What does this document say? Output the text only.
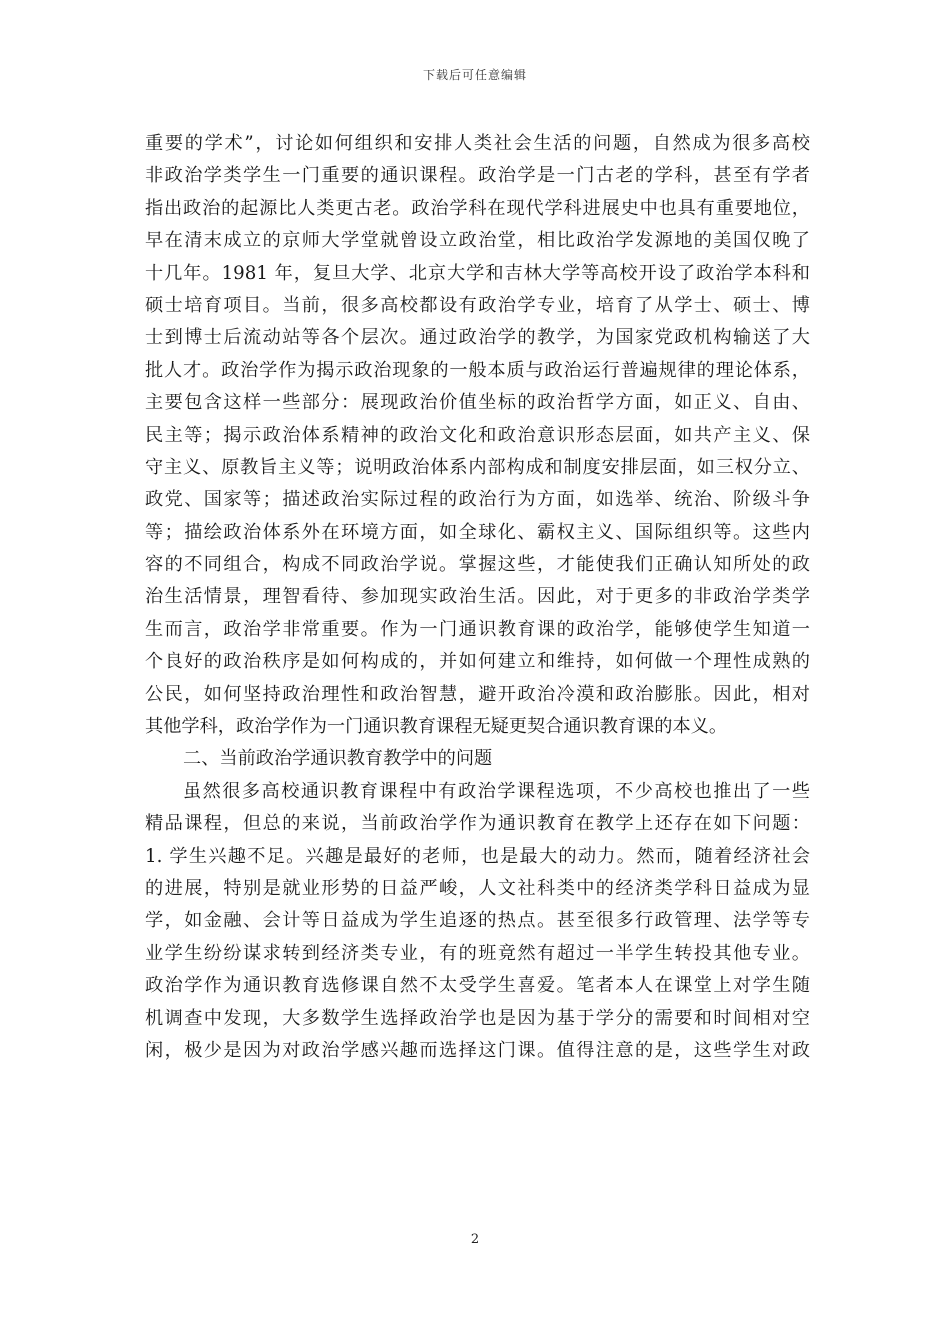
下载后可任意编辑
重要的学术”，讨论如何组织和安排人类社会生活的问题，自然成为很多高校
非政治学类学生一门重要的通识课程。政治学是一门古老的学科，甚至有学者
指出政治的起源比人类更古老。政治学科在现代学科进展史中也具有重要地位，
早在清末成立的京师大学堂就曾设立政治堂，相比政治学发源地的美国仅晚了
十几年。1981 年，复旦大学、北京大学和吉林大学等高校开设了政治学本科和
硕士培育项目。当前，很多高校都设有政治学专业，培育了从学士、硕士、博
士到博士后流动站等各个层次。通过政治学的教学，为国家党政机构输送了大
批人才。政治学作为揭示政治现象的一般本质与政治运行普遍规律的理论体系，
主要包含这样一些部分：展现政治价值坐标的政治哲学方面，如正义、自由、
民主等；揭示政治体系精神的政治文化和政治意识形态层面，如共产主义、保
守主义、原教旨主义等；说明政治体系内部构成和制度安排层面，如三权分立、
政党、国家等；描述政治实际过程的政治行为方面，如选举、统治、阶级斗争
等；描绘政治体系外在环境方面，如全球化、霸权主义、国际组织等。这些内
容的不同组合，构成不同政治学说。掌握这些，才能使我们正确认知所处的政
治生活情景，理智看待、参加现实政治生活。因此，对于更多的非政治学类学
生而言，政治学非常重要。作为一门通识教育课的政治学，能够使学生知道一
个良好的政治秩序是如何构成的，并如何建立和维持，如何做一个理性成熟的
公民，如何坚持政治理性和政治智慧，避开政治冷漠和政治膨胀。因此，相对
其他学科，政治学作为一门通识教育课程无疑更契合通识教育课的本义。
二、当前政治学通识教育教学中的问题
虽然很多高校通识教育课程中有政治学课程选项，不少高校也推出了一些
精品课程，但总的来说，当前政治学作为通识教育在教学上还存在如下问题：
1. 学生兴趣不足。兴趣是最好的老师，也是最大的动力。然而，随着经济社会
的进展，特别是就业形势的日益严峻，人文社科类中的经济类学科日益成为显
学，如金融、会计等日益成为学生追逐的热点。甚至很多行政管理、法学等专
业学生纷纷谋求转到经济类专业，有的班竟然有超过一半学生转投其他专业。
政治学作为通识教育选修课自然不太受学生喜爱。笔者本人在课堂上对学生随
机调查中发现，大多数学生选择政治学也是因为基于学分的需要和时间相对空
闲，极少是因为对政治学感兴趣而选择这门课。值得注意的是，这些学生对政
2
